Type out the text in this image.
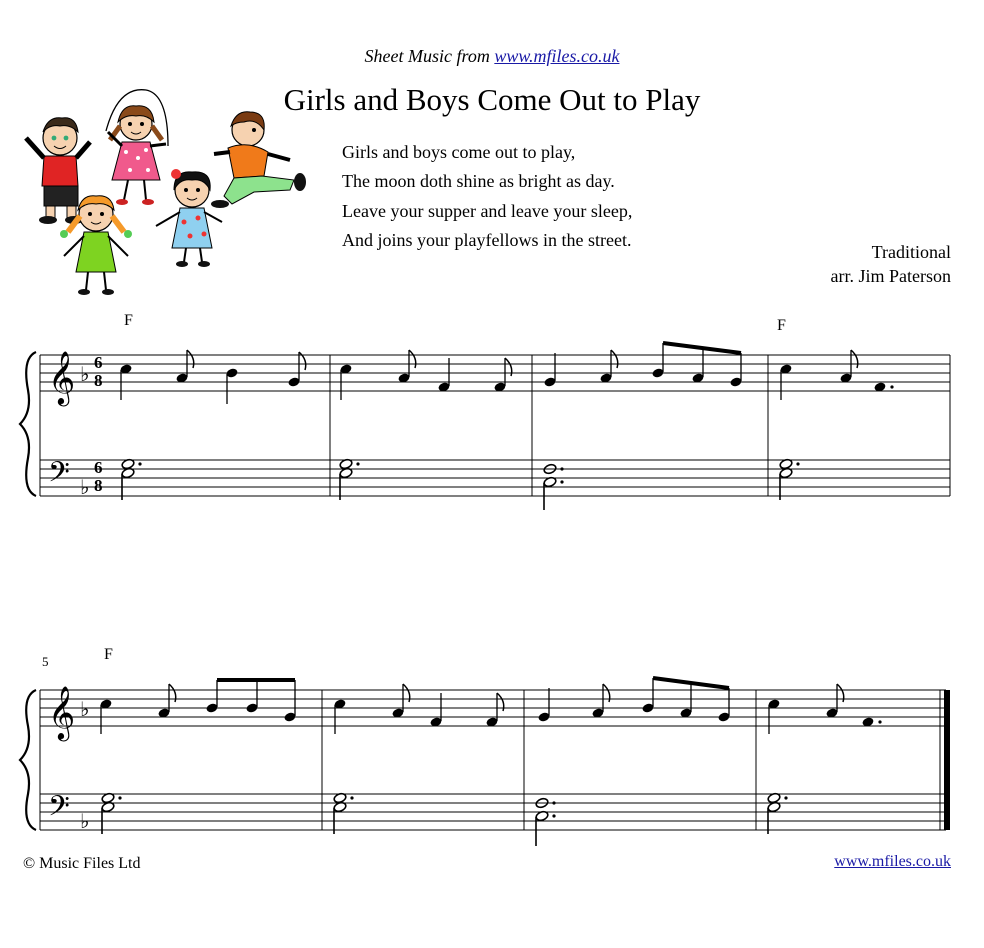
Sheet Music from www.mfiles.co.uk
Girls and Boys Come Out to Play
Girls and boys come out to play,
The moon doth shine as bright as day.
Leave your supper and leave your sleep,
And joins your playfellows in the street.
Traditional
arr. Jim Paterson
F	F
𝄞
𝄢
♭
♭
6
8
6
8
5	F
𝄞
𝄢
♭
♭
© Music Files Ltd	www.mfiles.co.uk
